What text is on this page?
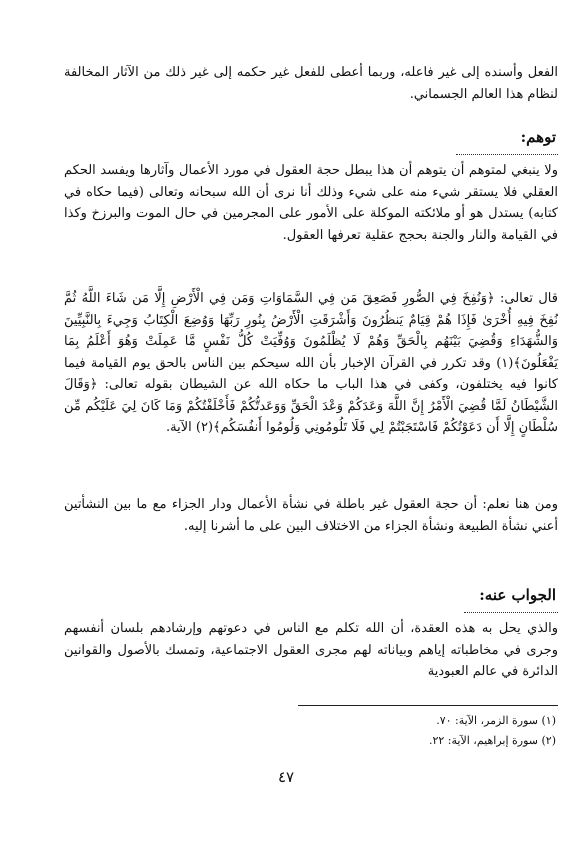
الفعل وأسنده إلى غير فاعله، وربما أعطى للفعل غير حكمه إلى غير ذلك من الآثار المخالفة لنظام هذا العالم الجسماني.

توهم:

ولا ينبغي لمتوهم أن يتوهم أن هذا يبطل حجة العقول في مورد الأعمال وآثارها ويفسد الحكم العقلي فلا يستقر شيء منه على شيء وذلك أنا نرى أن الله سبحانه وتعالى (فيما حكاه في كتابه) يستدل هو أو ملائكته الموكلة على الأمور على المجرمين في حال الموت والبرزخ وكذا في القيامة والنار والجنة بحجج عقلية تعرفها العقول.

قال تعالى: ﴿وَنُفِخَ فِي الصُّورِ فَصَعِقَ مَن فِي السَّمَاوَاتِ وَمَن فِي الْأَرْضِ إِلَّا مَن شَاءَ اللَّهُ ثُمَّ نُفِخَ فِيهِ أُخْرَىٰ فَإِذَا هُمْ قِيَامٌ يَنظُرُونَ وَأَشْرَقَتِ الْأَرْضُ بِنُورِ رَبِّهَا وَوُضِعَ الْكِتَابُ وَجِيءَ بِالنَّبِيِّينَ وَالشُّهَدَاءِ وَقُضِيَ بَيْنَهُم بِالْحَقِّ وَهُمْ لَا يُظْلَمُونَ وَوُفِّيَتْ كُلُّ نَفْسٍ مَّا عَمِلَتْ وَهُوَ أَعْلَمُ بِمَا يَفْعَلُونَ﴾(١) وقد تكرر في القرآن الإخبار بأن الله سيحكم بين الناس بالحق يوم القيامة فيما كانوا فيه يختلفون، وكفى في هذا الباب ما حكاه الله عن الشيطان بقوله تعالى: ﴿وَقَالَ الشَّيْطَانُ لَمَّا قُضِيَ الْأَمْرُ إِنَّ اللَّهَ وَعَدَكُمْ وَعْدَ الْحَقِّ وَوَعَدتُّكُمْ فَأَخْلَفْتُكُمْ وَمَا كَانَ لِيَ عَلَيْكُم مِّن سُلْطَانٍ إِلَّا أَن دَعَوْتُكُمْ فَاسْتَجَبْتُمْ لِي فَلَا تَلُومُونِي وَلُومُوا أَنفُسَكُم﴾(٢) الآية.

ومن هنا نعلم: أن حجة العقول غير باطلة في نشأة الأعمال ودار الجزاء مع ما بين النشأتين أعني نشأة الطبيعة ونشأة الجزاء من الاختلاف البين على ما أشرنا إليه.

الجواب عنه:

والذي يحل به هذه العقدة، أن الله تكلم مع الناس في دعوتهم وإرشادهم بلسان أنفسهم وجرى في مخاطباته إياهم وبياناته لهم مجرى العقول الاجتماعية، وتمسك بالأصول والقوانين الدائرة في عالم العبودية

(١) سورة الزمر، الآية: ٧٠.

(٢) سورة إبراهيم، الآية: ٢٢.

٤٧
